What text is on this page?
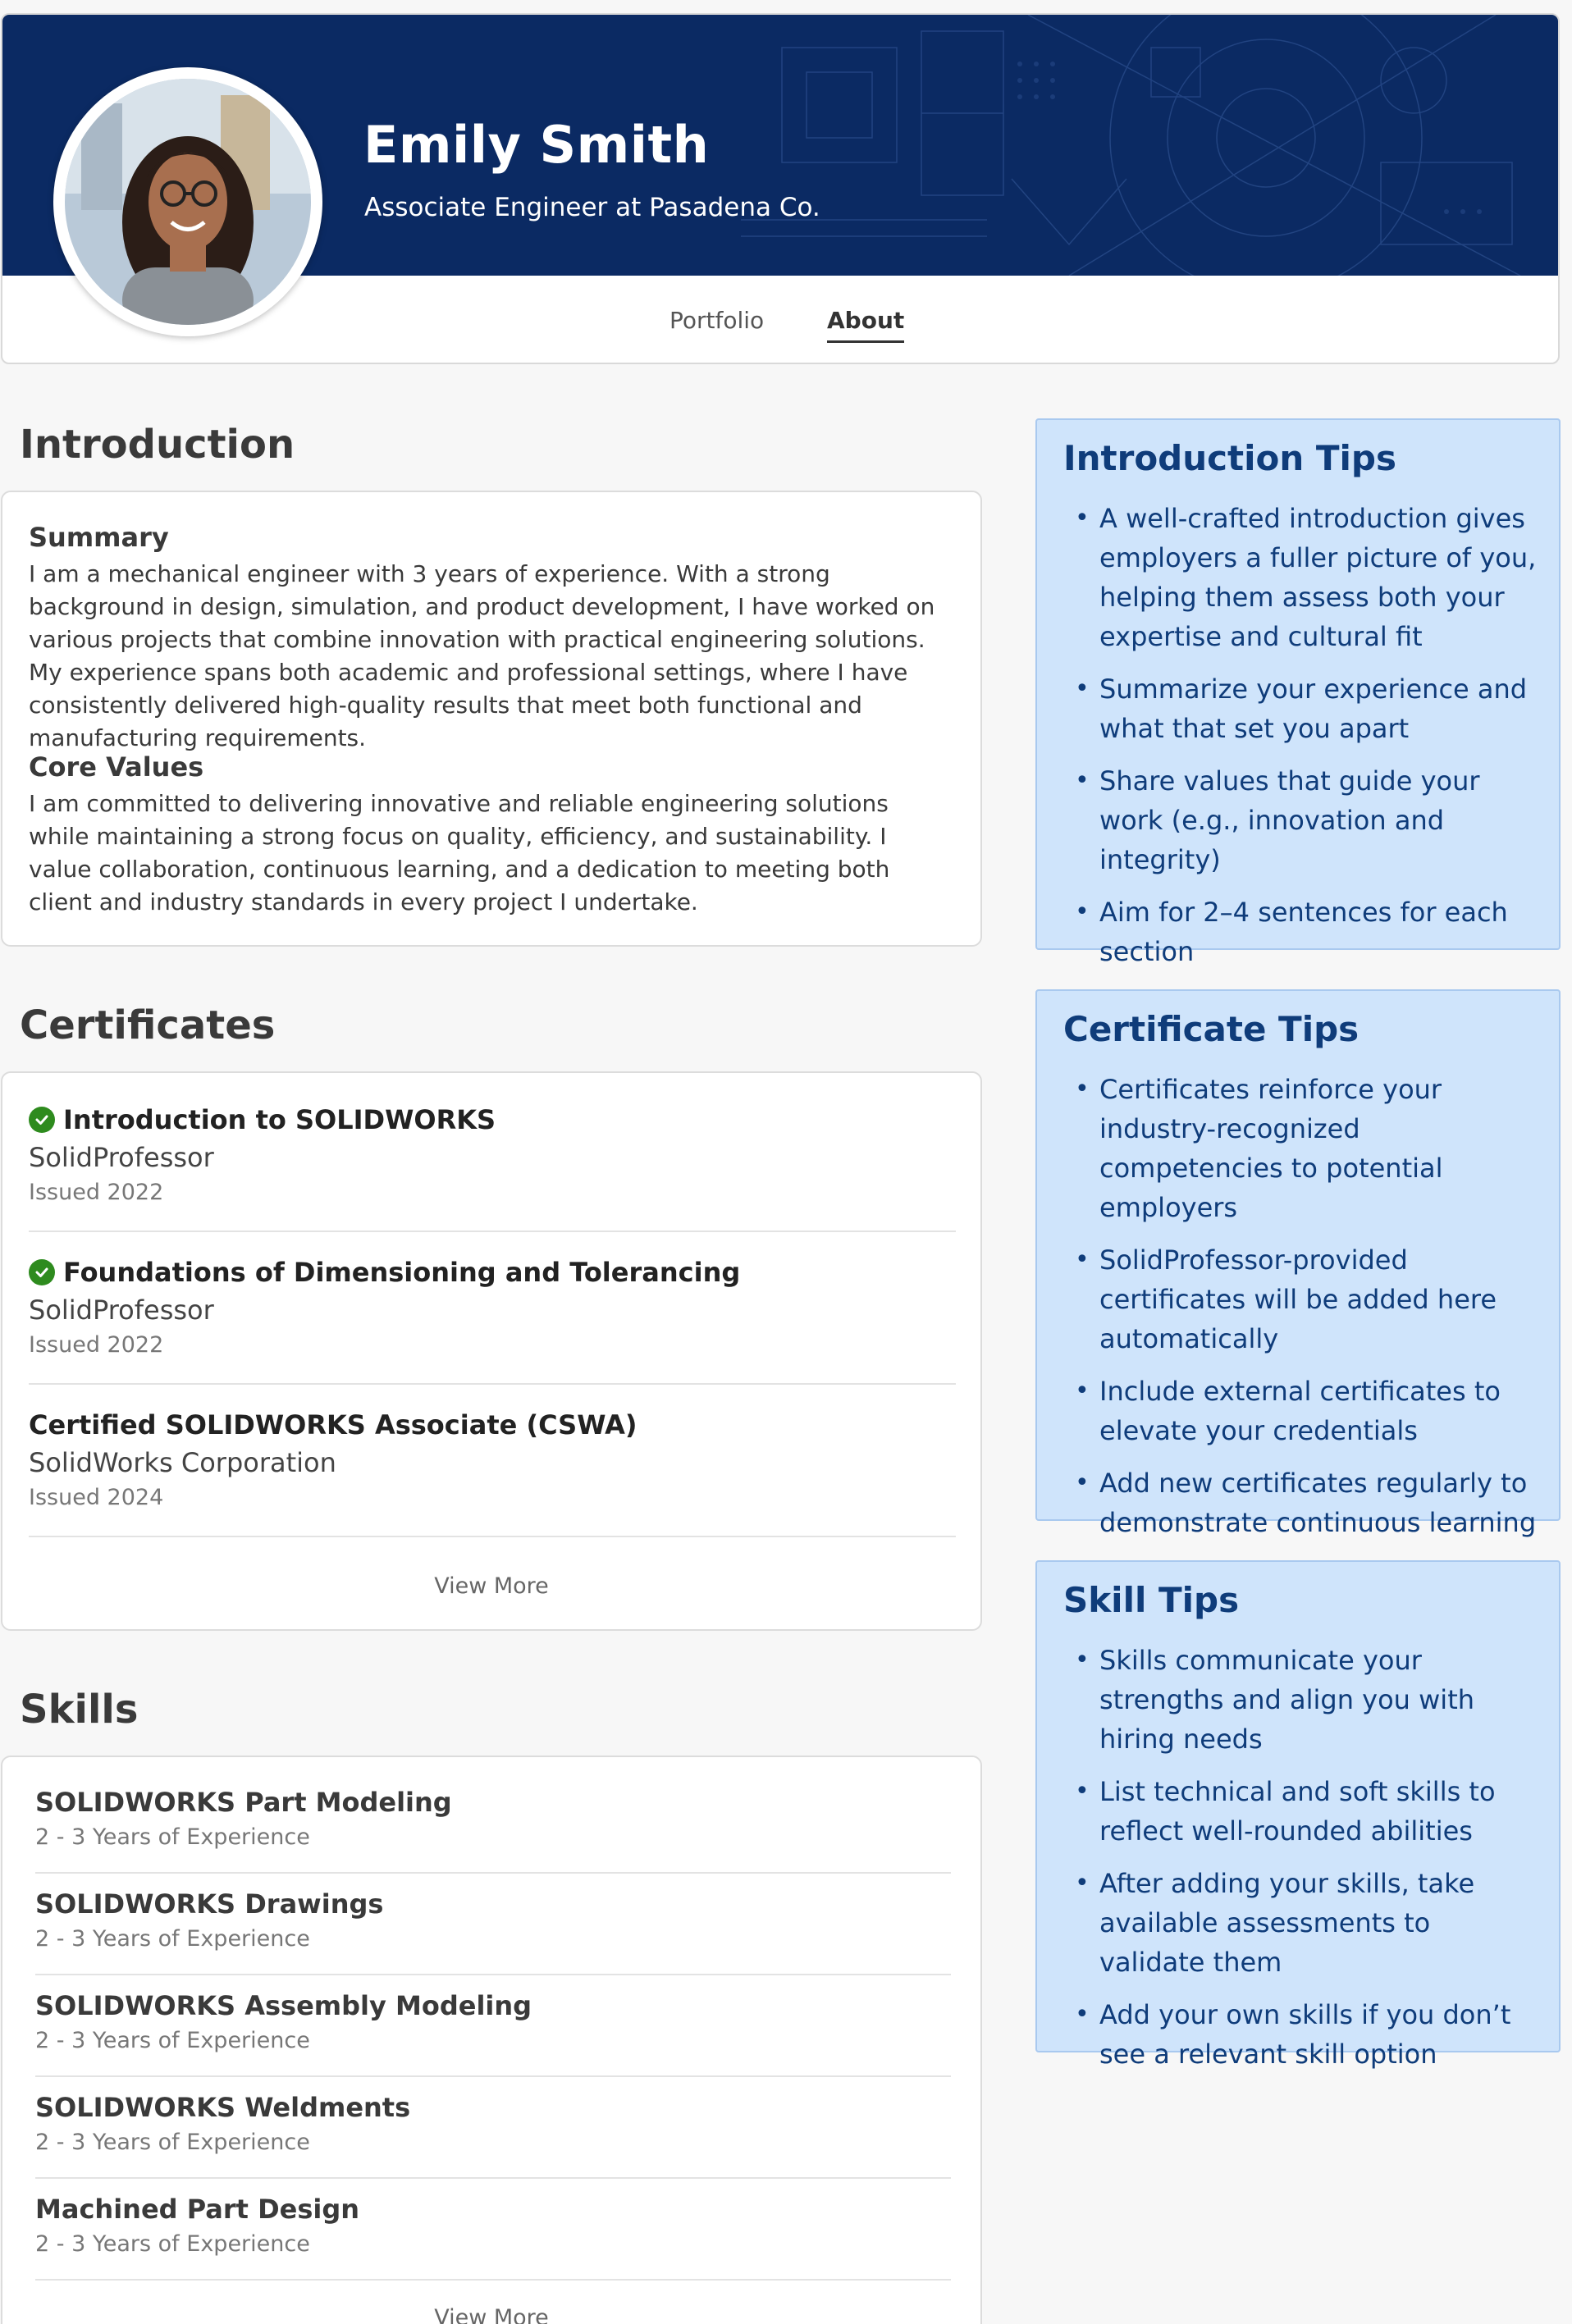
Emily Smith
Associate Engineer at Pasadena Co.
Portfolio	About
Introduction
Summary
I am a mechanical engineer with 3 years of experience. With a strong background in design, simulation, and product development, I have worked on various projects that combine innovation with practical engineering solutions. My experience spans both academic and professional settings, where I have consistently delivered high-quality results that meet both functional and manufacturing requirements.
Core Values
I am committed to delivering innovative and reliable engineering solutions while maintaining a strong focus on quality, efficiency, and sustainability. I value collaboration, continuous learning, and a dedication to meeting both client and industry standards in every project I undertake.
Certificates
Introduction to SOLIDWORKS
SolidProfessor
Issued 2022
Foundations of Dimensioning and Tolerancing
SolidProfessor
Issued 2022
Certified SOLIDWORKS Associate (CSWA)
SolidWorks Corporation
Issued 2024
View More
Skills
SOLIDWORKS Part Modeling
2 - 3 Years of Experience
SOLIDWORKS Drawings
2 - 3 Years of Experience
SOLIDWORKS Assembly Modeling
2 - 3 Years of Experience
SOLIDWORKS Weldments
2 - 3 Years of Experience
Machined Part Design
2 - 3 Years of Experience
View More
Introduction Tips
• A well-crafted introduction gives employers a fuller picture of you, helping them assess both your expertise and cultural fit
• Summarize your experience and what that set you apart
• Share values that guide your work (e.g., innovation and integrity)
• Aim for 2–4 sentences for each section
Certificate Tips
• Certificates reinforce your industry-recognized competencies to potential employers
• SolidProfessor-provided certificates will be added here automatically
• Include external certificates to elevate your credentials
• Add new certificates regularly to demonstrate continuous learning
Skill Tips
• Skills communicate your strengths and align you with hiring needs
• List technical and soft skills to reflect well-rounded abilities
• After adding your skills, take available assessments to validate them
• Add your own skills if you don’t see a relevant skill option
